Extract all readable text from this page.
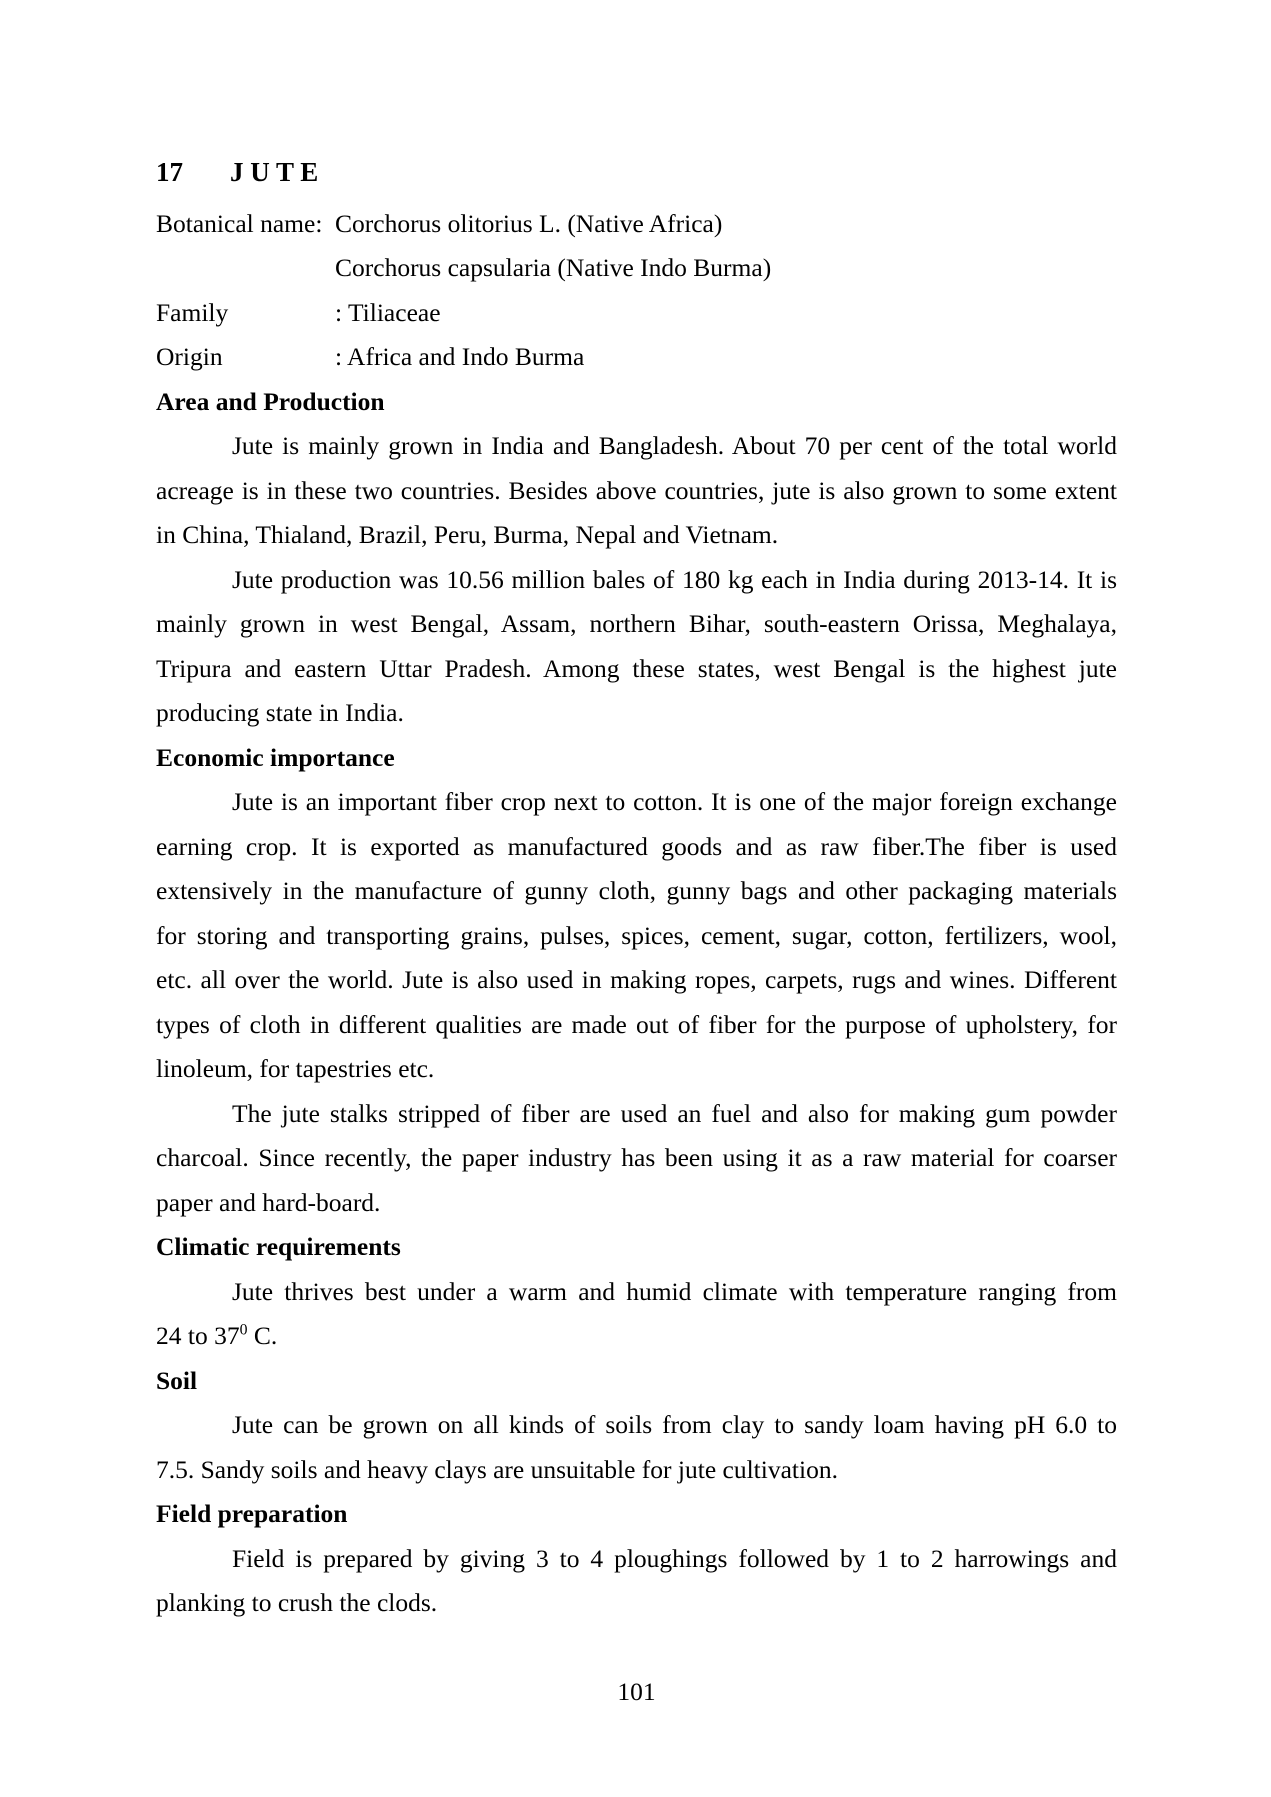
17 J U T E
Botanical name: Corchorus olitorius L. (Native Africa)
Corchorus capsularia (Native Indo Burma)
Family	: Tiliaceae
Origin	: Africa and Indo Burma
Area and Production
Jute is mainly grown in India and Bangladesh. About 70 per cent of the total world
acreage is in these two countries. Besides above countries, jute is also grown to some extent
in China, Thialand, Brazil, Peru, Burma, Nepal and Vietnam.
Jute production was 10.56 million bales of 180 kg each in India during 2013-14. It is
mainly grown in west Bengal, Assam, northern Bihar, south-eastern Orissa, Meghalaya,
Tripura and eastern Uttar Pradesh. Among these states, west Bengal is the highest jute
producing state in India.
Economic importance
Jute is an important fiber crop next to cotton. It is one of the major foreign exchange
earning crop. It is exported as manufactured goods and as raw fiber.The fiber is used
extensively in the manufacture of gunny cloth, gunny bags and other packaging materials
for storing and transporting grains, pulses, spices, cement, sugar, cotton, fertilizers, wool,
etc. all over the world. Jute is also used in making ropes, carpets, rugs and wines. Different
types of cloth in different qualities are made out of fiber for the purpose of upholstery, for
linoleum, for tapestries etc.
The jute stalks stripped of fiber are used an fuel and also for making gum powder
charcoal. Since recently, the paper industry has been using it as a raw material for coarser
paper and hard-board.
Climatic requirements
Jute thrives best under a warm and humid climate with temperature ranging from
24 to $37^0$ C.
Soil
Jute can be grown on all kinds of soils from clay to sandy loam having pH 6.0 to
7.5. Sandy soils and heavy clays are unsuitable for jute cultivation.
Field preparation
Field is prepared by giving 3 to 4 ploughings followed by 1 to 2 harrowings and
planking to crush the clods.
101
